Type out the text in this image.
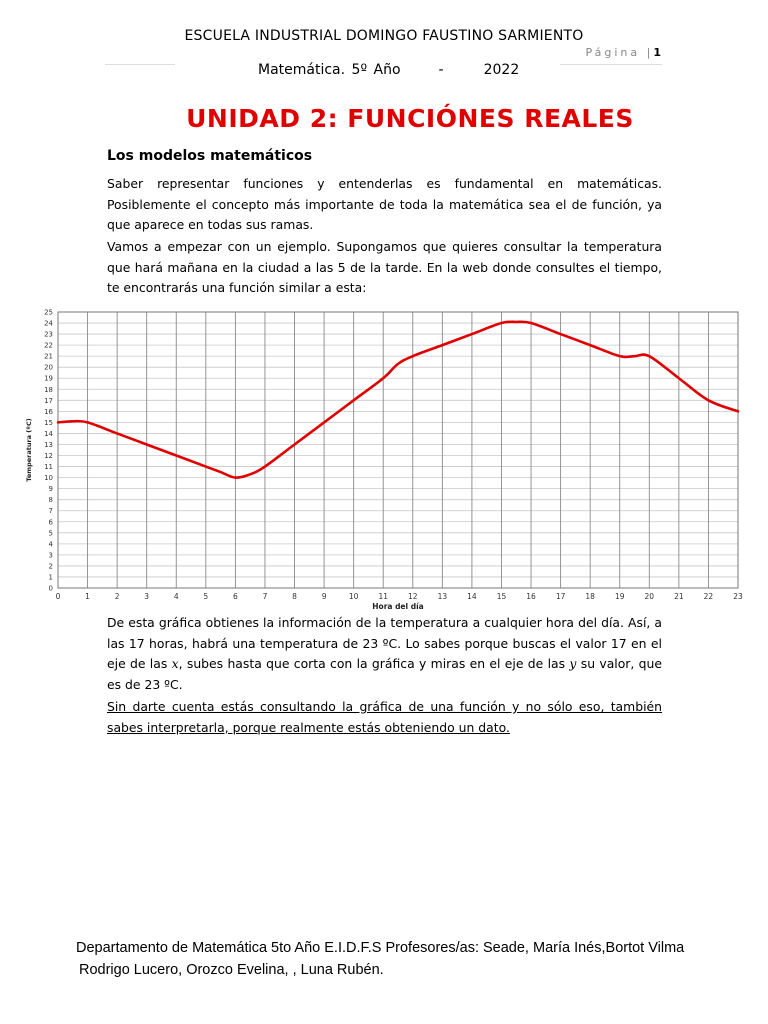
ESCUELA INDUSTRIAL DOMINGO FAUSTINO SARMIENTO
Página |1
Matemática. 5º Año	-	2022
UNIDAD 2: FUNCIÓNES REALES
Los modelos matemáticos
Saber representar funciones y entenderlas es fundamental en matemáticas. Posiblemente el concepto más importante de toda la matemática sea el de función, ya que aparece en todas sus ramas.
Vamos a empezar con un ejemplo. Supongamos que quieres consultar la temperatura que hará mañana en la ciudad a las 5 de la tarde. En la web donde consultes el tiempo, te encontrarás una función similar a esta:
0
1
2
3
4
5
6
7
8
9
10
11
12
13
14
15
16
17
18
19
20
21
22
23
24
25
0	1	2	3	4	5	6	7	8	9	10	11	12	13	14	15	16	17	18	19	20	21	22	23
Hora del día
Temperatura (ºC)
De esta gráfica obtienes la información de la temperatura a cualquier hora del día. Así, a las 17 horas, habrá una temperatura de 23 ºC. Lo sabes porque buscas el valor 17 en el eje de las x, subes hasta que corta con la gráfica y miras en el eje de las y su valor, que es de 23 ºC.
Sin darte cuenta estás consultando la gráfica de una función y no sólo eso, también sabes interpretarla, porque realmente estás obteniendo un dato.
Departamento de Matemática 5to Año E.I.D.F.S Profesores/as: Seade, María Inés,Bortot Vilma
Rodrigo Lucero, Orozco Evelina, , Luna Rubén.
